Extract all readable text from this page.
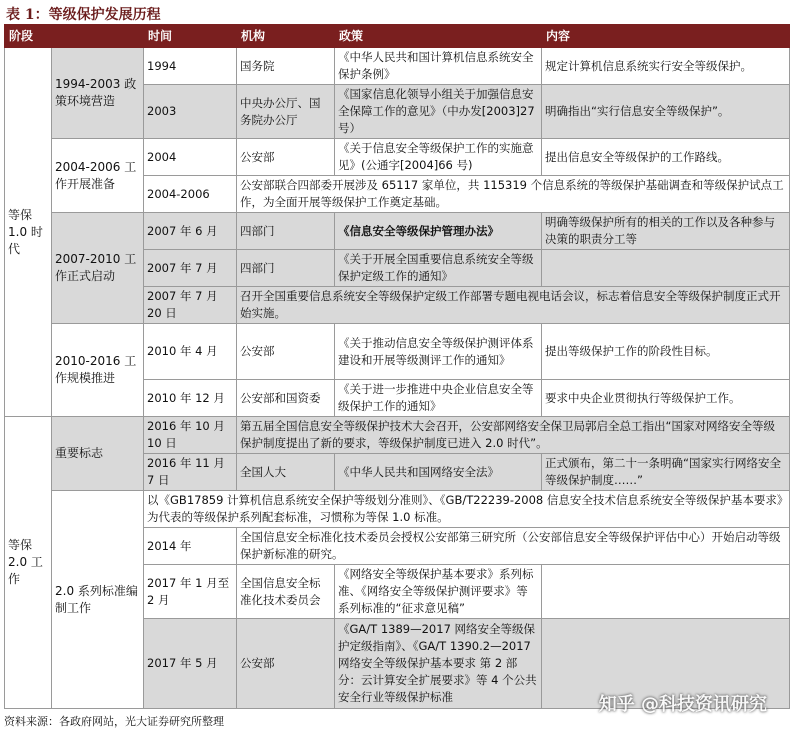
表 1：等级保护发展历程
阶段		时间	机构	政策	内容
等保 1.0 时代	1994-2003 政策环境营造	1994	国务院	《中华人民共和国计算机信息系统安全保护条例》	规定计算机信息系统实行安全等级保护。
		2003	中央办公厅、国务院办公厅	《国家信息化领导小组关于加强信息安全保障工作的意见》（中办发[2003]27 号）	明确指出“实行信息安全等级保护”。
	2004-2006 工作开展准备	2004	公安部	《关于信息安全等级保护工作的实施意见》(公通字[2004]66 号)	提出信息安全等级保护的工作路线。
		2004-2006	公安部联合四部委开展涉及 65117 家单位，共 115319 个信息系统的等级保护基础调查和等级保护试点工作，为全面开展等级保护工作奠定基础。		
	2007-2010 工作正式启动	2007 年 6 月	四部门	《信息安全等级保护管理办法》	明确等级保护所有的相关的工作以及各种参与决策的职责分工等
		2007 年 7 月	四部门	《关于开展全国重要信息系统安全等级保护定级工作的通知》	
		2007 年 7 月 20 日	召开全国重要信息系统安全等级保护定级工作部署专题电视电话会议，标志着信息安全等级保护制度正式开始实施。		
	2010-2016 工作规模推进	2010 年 4 月	公安部	《关于推动信息安全等级保护测评体系建设和开展等级测评工作的通知》	提出等级保护工作的阶段性目标。
		2010 年 12 月	公安部和国资委	《关于进一步推进中央企业信息安全等级保护工作的通知》	要求中央企业贯彻执行等级保护工作。
等保 2.0 工作	重要标志	2016 年 10 月 10 日	第五届全国信息安全等级保护技术大会召开，公安部网络安全保卫局郭启全总工指出“国家对网络安全等级保护制度提出了新的要求，等级保护制度已进入 2.0 时代”。		
		2016 年 11 月 7 日	全国人大	《中华人民共和国网络安全法》	正式颁布，第二十一条明确“国家实行网络安全等级保护制度……”
	2.0 系列标准编制工作	以《GB17859 计算机信息系统安全保护等级划分准则》、《GB/T22239-2008 信息安全技术信息系统安全等级保护基本要求》为代表的等级保护系列配套标准，习惯称为等保 1.0 标准。			
		2014 年	全国信息安全标准化技术委员会授权公安部第三研究所（公安部信息安全等级保护评估中心）开始启动等级保护新标准的研究。		
		2017 年 1 月至 2 月	全国信息安全标准化技术委员会	《网络安全等级保护基本要求》系列标准、《网络安全等级保护测评要求》等系列标准的“征求意见稿”	
		2017 年 5 月	公安部	《GA/T 1389—2017 网络安全等级保护定级指南》、《GA/T 1390.2—2017 网络安全等级保护基本要求 第 2 部分：云计算安全扩展要求》等 4 个公共安全行业等级保护标准		知乎 @科技资讯研究
资料来源：各政府网站，光大证券研究所整理
